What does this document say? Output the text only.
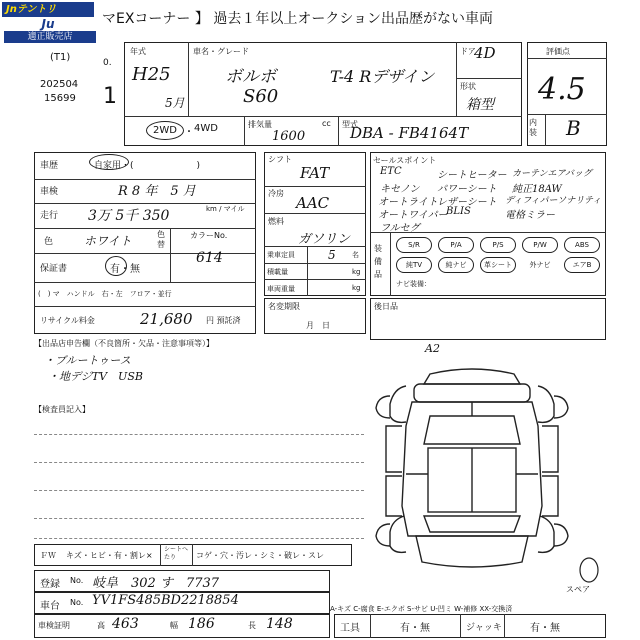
Jnテントリ
Ju
適正販売店
マEXコーナー 】 過去１年以上オークション出品歴がない車両
(T1)
202504
15699
0.
1
年式
H25
5月
車名・グレード
ボルボ	T-4 Rデザイン
S60
ドア
4D
形状
箱型
2WD ・ 4WD	排気量
1600
cc 型式
DBA - FB4164T
評価点
4.5
内装	B
車歴	自家用・(　　　　　　　)
車検	R 8 年　5 月
走行 3万 5千 350	km / マイル
色	ホワイト	色替
カラーNo.
614
保証書	有・無
(　) マ　ハンドル　右・左　フロア・並行
リサイクル料金	21,680 円 預託済
シフト
FAT
冷房
AAC
燃料
ガソリン
乗車定員	5 名
積載量	kg
車両重量	kg
名変期限
月　日
セールスポイント
ETC	シートヒーター カーテンエアバッグ
キセノン パワーシート 純正18AW
オートライト レザーシート ディフィパーソナリティ
オートワイパー
BLIS	電格ミラー
フルセグ
装備品
S/R	P/A	P/S	P/W	ABS
純TV	純ナビ	革シート	外ナビ	エアB
ナビ装備：
後日品
【出品店申告欄（不良箇所・欠品・注意事項等）】
・ブルートゥース
・地デジTV　USB
【検査員記入】
A2
スペア
A-キズ C-腐食 E-エクボ S-サビ U-凹ミ W-補修 XX-交換済
ＦＷ キズ・ヒビ・有・割レ×
シートへたり	コゲ・穴・汚レ・シミ・破レ・スレ
登録 No. 岐阜　302 す　7737
車台 No. YV1FS485BD2218854
車検証明	高 463	幅 186	長 148	工具	有・無	ジャッキ	有・無
